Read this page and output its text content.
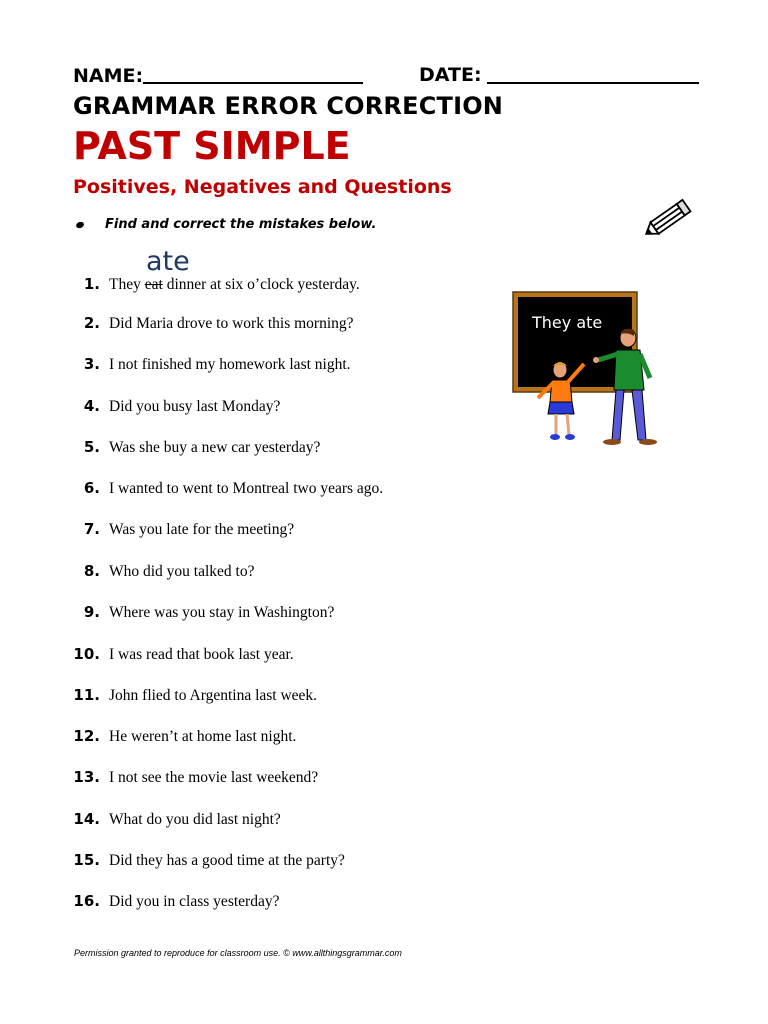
NAME:	DATE:
GRAMMAR ERROR CORRECTION
PAST SIMPLE
Positives, Negatives and Questions
Find and correct the mistakes below.
ate
1. They eat dinner at six o’clock yesterday.
2. Did Maria drove to work this morning?
3. I not finished my homework last night.
4. Did you busy last Monday?
5. Was she buy a new car yesterday?
6. I wanted to went to Montreal two years ago.
7. Was you late for the meeting?
8. Who did you talked to?
9. Where was you stay in Washington?
10. I was read that book last year.
11. John flied to Argentina last week.
12. He weren’t at home last night.
13. I not see the movie last weekend?
14. What do you did last night?
15. Did they has a good time at the party?
16. Did you in class yesterday?
They ate
Permission granted to reproduce for classroom use. © www.allthingsgrammar.com
